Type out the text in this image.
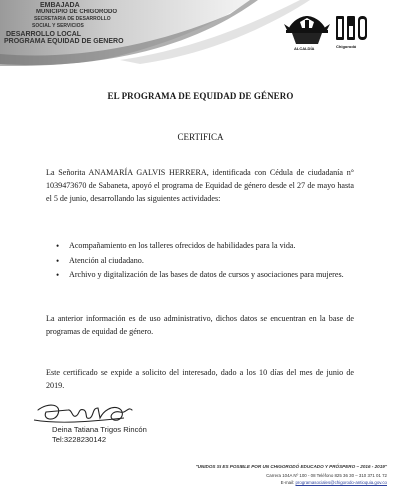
EMBAJADA
MUNICIPIO DE CHIGORODÓ
SECRETARÍA DE DESARROLLO
SOCIAL Y SERVICIOS
DESARROLLO LOCAL
PROGRAMA EQUIDAD DE GÉNERO
ALCALDÍA	Chigorodó
EL PROGRAMA DE EQUIDAD DE GÉNERO
CERTIFICA
La Señorita ANAMARÍA GALVIS HERRERA, identificada con Cédula de ciudadanía n° 1039473670 de Sabaneta, apoyó el programa de Equidad de género desde el 27 de mayo hasta el 5 de junio, desarrollando las siguientes actividades:
• Acompañamiento en los talleres ofrecidos de habilidades para la vida.
• Atención al ciudadano.
• Archivo y digitalización de las bases de datos de cursos y asociaciones para mujeres.
La anterior información es de uso administrativo, dichos datos se encuentran en la base de programas de equidad de género.
Este certificado se expide a solicito del interesado, dado a los 10 días del mes de junio de 2019.
Deina Tatiana Trigos Rincón
Tel:3228230142
"UNIDOS SI ES POSIBLE POR UN CHIGORODÓ EDUCADO Y PRÓSPERO – 2016 - 2019"
Carrera 104A Nº 100 - 08 Teléfono 825 36 30 – 310 371 01 72
E-mail: programasociales@chigorodo-antioquia.gov.co
